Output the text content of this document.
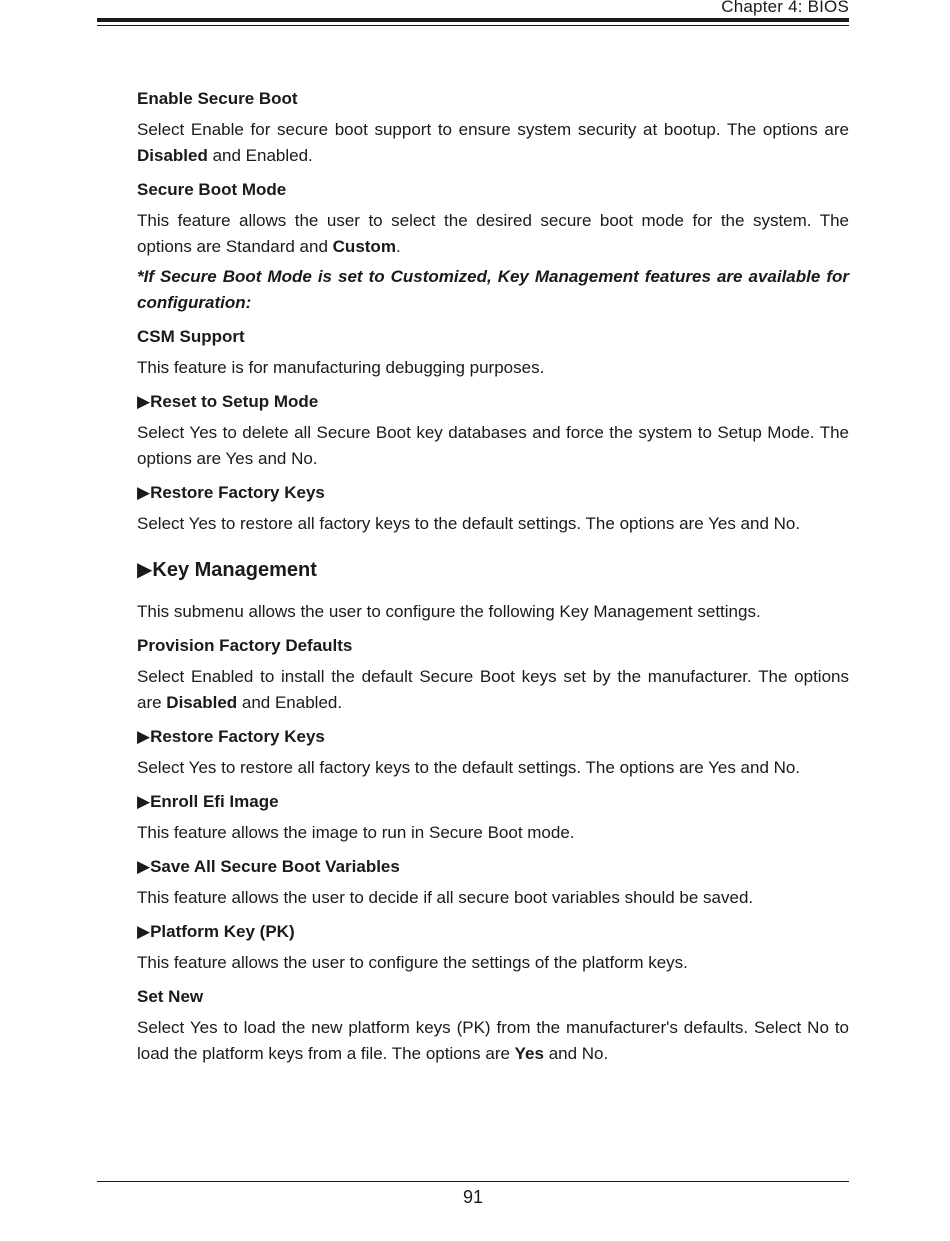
Chapter 4: BIOS
Enable Secure Boot

Select Enable for secure boot support to ensure system security at bootup. The options are Disabled and Enabled.

Secure Boot Mode

This feature allows the user to select the desired secure boot mode for the system. The options are Standard and Custom.

*If Secure Boot Mode is set to Customized, Key Management features are available for configuration:

CSM Support

This feature is for manufacturing debugging purposes.

▶Reset to Setup Mode

Select Yes to delete all Secure Boot key databases and force the system to Setup Mode. The options are Yes and No.

▶Restore Factory Keys

Select Yes to restore all factory keys to the default settings. The options are Yes and No.

▶Key Management

This submenu allows the user to configure the following Key Management settings.

Provision Factory Defaults

Select Enabled to install the default Secure Boot keys set by the manufacturer. The options are Disabled and Enabled.

▶Restore Factory Keys

Select Yes to restore all factory keys to the default settings. The options are Yes and No.

▶Enroll Efi Image

This feature allows the image to run in Secure Boot mode.

▶Save All Secure Boot Variables

This feature allows the user to decide if all secure boot variables should be saved.

▶Platform Key (PK)

This feature allows the user to configure the settings of the platform keys.

Set New

Select Yes to load the new platform keys (PK) from the manufacturer's defaults. Select No to load the platform keys from a file. The options are Yes and No.

91
